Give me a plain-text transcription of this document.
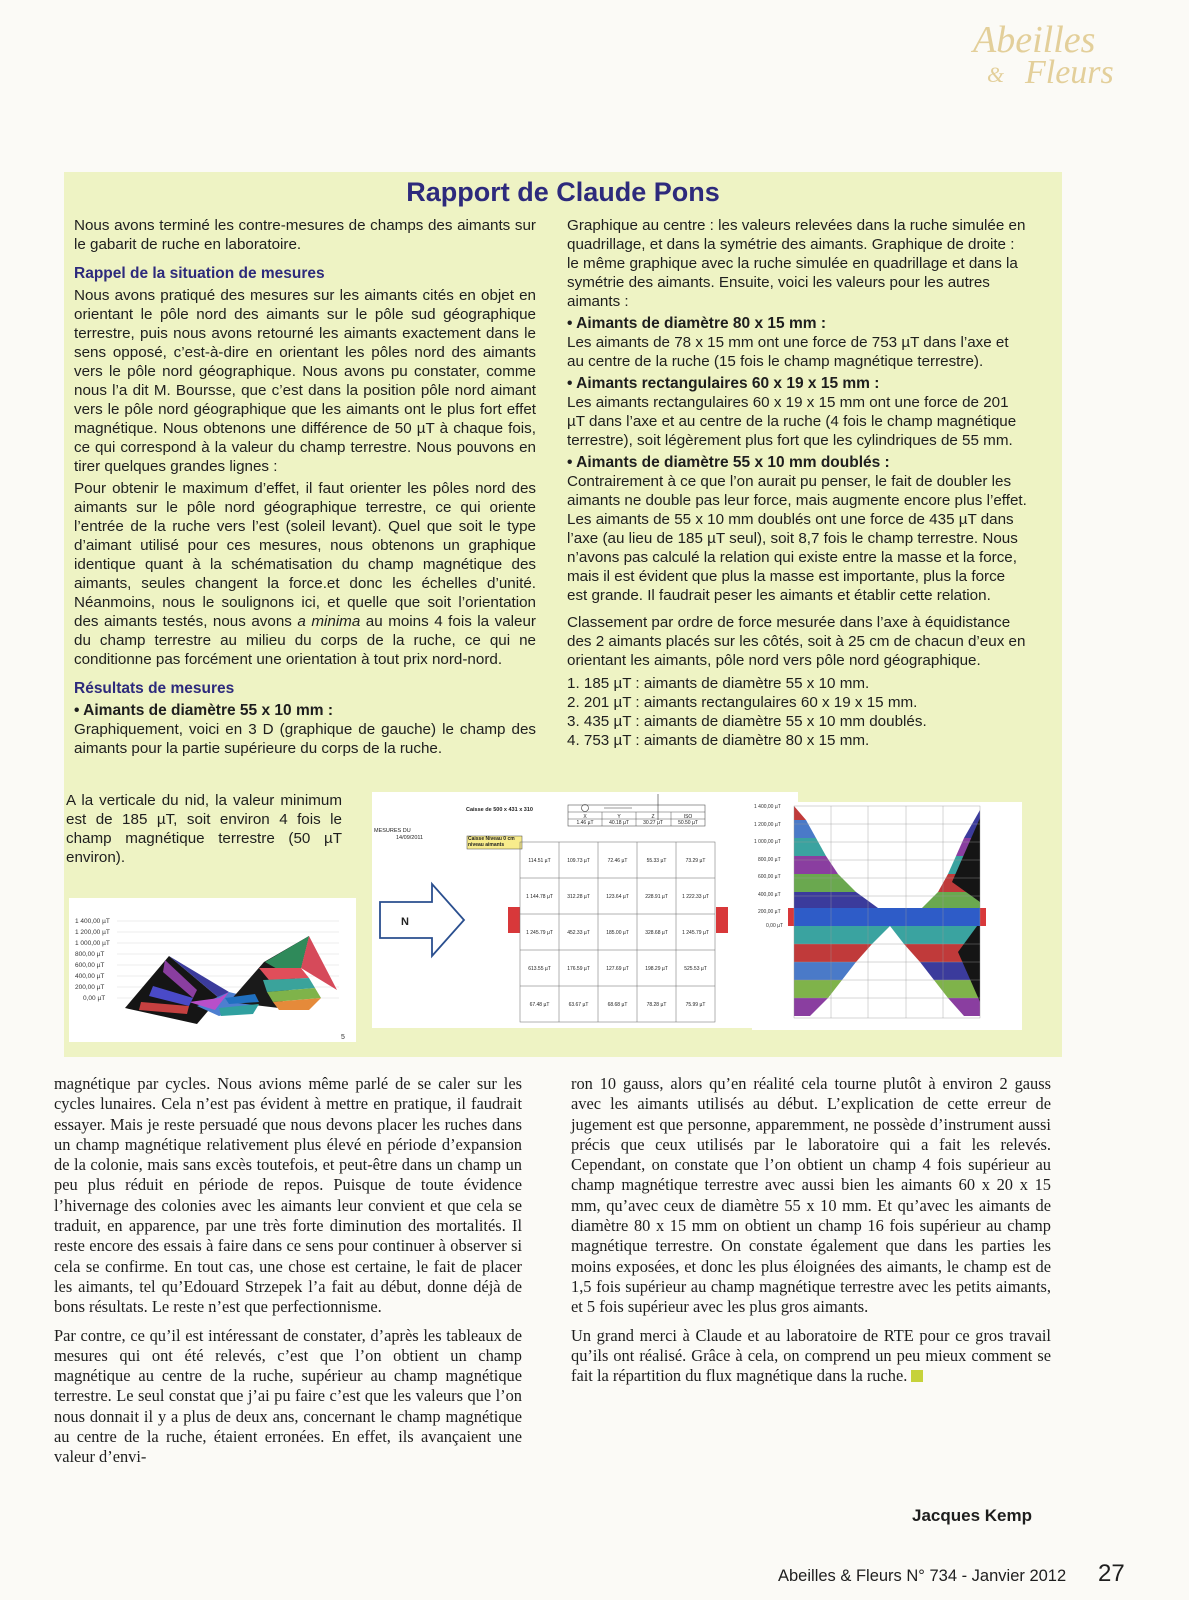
Abeilles
& Fleurs
Rapport de Claude Pons

Nous avons terminé les contre-mesures de champs des aimants sur le gabarit de ruche en laboratoire.

Rappel de la situation de mesures

Nous avons pratiqué des mesures sur les aimants cités en objet en orientant le pôle nord des aimants sur le pôle sud géographique terrestre, puis nous avons retourné les aimants exactement dans le sens opposé, c’est-à-dire en orientant les pôles nord des aimants vers le pôle nord géographique. Nous avons pu constater, comme nous l’a dit M. Boursse, que c’est dans la position pôle nord aimant vers le pôle nord géographique que les aimants ont le plus fort effet magnétique. Nous obtenons une différence de 50 µT à chaque fois, ce qui correspond à la valeur du champ terrestre. Nous pouvons en tirer quelques grandes lignes :

Pour obtenir le maximum d’effet, il faut orienter les pôles nord des aimants sur le pôle nord géographique terrestre, ce qui oriente l’entrée de la ruche vers l’est (soleil levant). Quel que soit le type d’aimant utilisé pour ces mesures, nous obtenons un graphique identique quant à la schématisation du champ magnétique des aimants, seules changent la force.et donc les échelles d’unité. Néanmoins, nous le soulignons ici, et quelle que soit l’orientation des aimants testés, nous avons a minima au moins 4 fois la valeur du champ terrestre au milieu du corps de la ruche, ce qui ne conditionne pas forcément une orientation à tout prix nord-nord.

Résultats de mesures
• Aimants de diamètre 55 x 10 mm :

Graphiquement, voici en 3 D (graphique de gauche) le champ des aimants pour la partie supérieure du corps de la ruche.

A la verticale du nid, la valeur minimum est de 185 µT, soit environ 4 fois le champ magnétique terrestre (50 µT environ).

Graphique au centre : les valeurs relevées dans la ruche simulée en quadrillage, et dans la symétrie des aimants. Graphique de droite : le même graphique avec la ruche simulée en quadrillage et dans la symétrie des aimants. Ensuite, voici les valeurs pour les autres aimants :

• Aimants de diamètre 80 x 15 mm :

Les aimants de 78 x 15 mm ont une force de 753 µT dans l’axe et au centre de la ruche (15 fois le champ magnétique terrestre).

• Aimants rectangulaires 60 x 19 x 15 mm :

Les aimants rectangulaires 60 x 19 x 15 mm ont une force de 201 µT dans l’axe et au centre de la ruche (4 fois le champ magnétique terrestre), soit légèrement plus fort que les cylindriques de 55 mm.

• Aimants de diamètre 55 x 10 mm doublés :

Contrairement à ce que l’on aurait pu penser, le fait de doubler les aimants ne double pas leur force, mais augmente encore plus l’effet. Les aimants de 55 x 10 mm doublés ont une force de 435 µT dans l’axe (au lieu de 185 µT seul), soit 8,7 fois le champ terrestre. Nous n’avons pas calculé la relation qui existe entre la masse et la force, mais il est évident que plus la masse est importante, plus la force est grande. Il faudrait peser les aimants et établir cette relation.

Classement par ordre de force mesurée dans l’axe à équidistance des 2 aimants placés sur les côtés, soit à 25 cm de chacun d’eux en orientant les aimants, pôle nord vers pôle nord géographique.

1. 185 µT : aimants de diamètre 55 x 10 mm.
2. 201 µT : aimants rectangulaires 60 x 19 x 15 mm.
3. 435 µT : aimants de diamètre 55 x 10 mm doublés.
4. 753 µT : aimants de diamètre 80 x 15 mm.
1 400,00 µT
1 200,00 µT
1 000,00 µT
800,00 µT
600,00 µT
400,00 µT
200,00 µT
0,00 µT
5
Caisse de 500 x 431 x 310
MESURES DU
14/09/2011
X	Y	Z	ISO
1.46 µT	40.18 µT	30.27 µT	50.50 µT
Caisse Niveau 0 cm niveau aimants
N
114.51 µT	109.73 µT	72.46 µT	55.33 µT	73.29 µT
1 144.78 µT	312.28 µT	123.64 µT	228.91 µT	1 222.33 µT
1 245.79 µT	452.33 µT	185.00 µT	328.68 µT	1 245.79 µT
613.55 µT	176.59 µT	127.69 µT	198.29 µT	525.53 µT
67.48 µT	63.67 µT	68.68 µT	78.28 µT	75.99 µT
1 400,00 µT
1 200,00 µT
1 000,00 µT
800,00 µT
600,00 µT
400,00 µT
200,00 µT
0,00 µT

magnétique par cycles. Nous avions même parlé de se caler sur les cycles lunaires. Cela n’est pas évident à mettre en pratique, il faudrait essayer. Mais je reste persuadé que nous devons placer les ruches dans un champ magnétique relativement plus élevé en période d’expansion de la colonie, mais sans excès toutefois, et peut-être dans un champ un peu plus réduit en période de repos. Puisque de toute évidence l’hivernage des colonies avec les aimants leur convient et que cela se traduit, en apparence, par une très forte diminution des mortalités. Il reste encore des essais à faire dans ce sens pour continuer à observer si cela se confirme. En tout cas, une chose est certaine, le fait de placer les aimants, tel qu’Edouard Strzepek l’a fait au début, donne déjà de bons résultats. Le reste n’est que perfectionnisme.

Par contre, ce qu’il est intéressant de constater, d’après les tableaux de mesures qui ont été relevés, c’est que l’on obtient un champ magnétique au centre de la ruche, supérieur au champ magnétique terrestre. Le seul constat que j’ai pu faire c’est que les valeurs que l’on nous donnait il y a plus de deux ans, concernant le champ magnétique au centre de la ruche, étaient erronées. En effet, ils avançaient une valeur d’envi-

ron 10 gauss, alors qu’en réalité cela tourne plutôt à environ 2 gauss avec les aimants utilisés au début. L’explication de cette erreur de jugement est que personne, apparemment, ne possède d’instrument aussi précis que ceux utilisés par le laboratoire qui a fait les relevés. Cependant, on constate que l’on obtient un champ 4 fois supérieur au champ magnétique terrestre avec aussi bien les aimants 60 x 20 x 15 mm, qu’avec ceux de diamètre 55 x 10 mm. Et qu’avec les aimants de diamètre 80 x 15 mm on obtient un champ 16 fois supérieur au champ magnétique terrestre. On constate également que dans les parties les moins exposées, et donc les plus éloignées des aimants, le champ est de 1,5 fois supérieur au champ magnétique terrestre avec les petits aimants, et 5 fois supérieur avec les plus gros aimants.

Un grand merci à Claude et au laboratoire de RTE pour ce gros travail qu’ils ont réalisé. Grâce à cela, on comprend un peu mieux comment se fait la répartition du flux magnétique dans la ruche.

Jacques Kemp
Abeilles & Fleurs N° 734 - Janvier 2012 27
